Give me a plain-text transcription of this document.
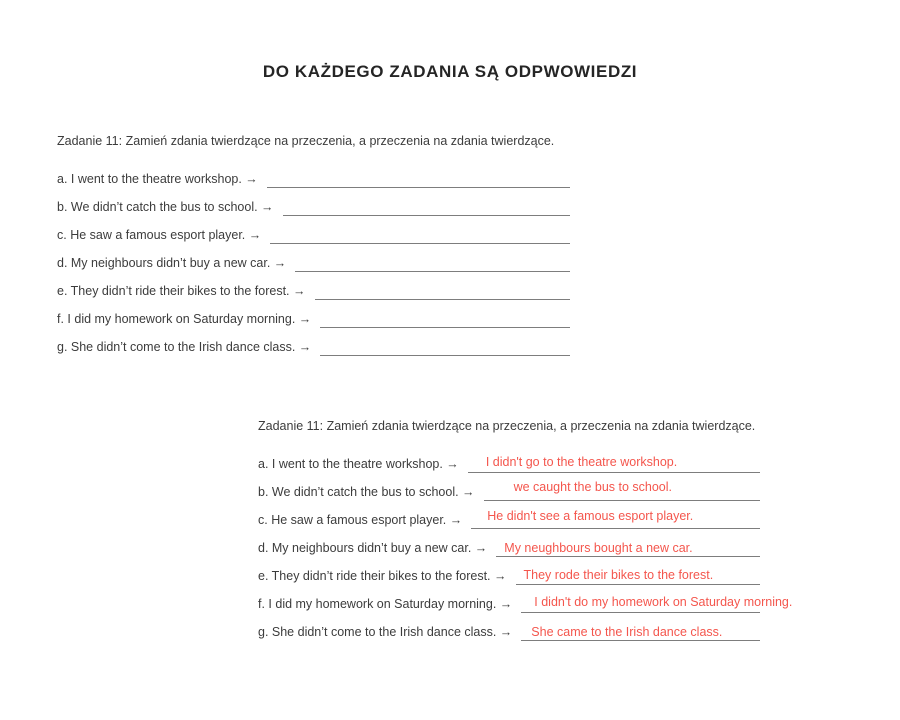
DO KAŻDEGO ZADANIA SĄ ODPWOWIEDZI

Zadanie 11: Zamień zdania twierdzące na przeczenia, a przeczenia na zdania twierdzące.

a. I went to the theatre workshop. →
b. We didn’t catch the bus to school. →
c. He saw a famous esport player. →
d. My neighbours didn’t buy a new car. →
e. They didn’t ride their bikes to the forest. →
f. I did my homework on Saturday morning. →
g. She didn’t come to the Irish dance class. →

Zadanie 11: Zamień zdania twierdzące na przeczenia, a przeczenia na zdania twierdzące.

a. I went to the theatre workshop. → I didn't go to the theatre workshop.
b. We didn’t catch the bus to school. →	we caught the bus to school.
c. He saw a famous esport player. → He didn't see a famous esport player.
d. My neighbours didn’t buy a new car. → My neughbours bought a new car.
e. They didn’t ride their bikes to the forest. → They rode their bikes to the forest.
f. I did my homework on Saturday morning. → I didn't do my homework on Saturday morning.
g. She didn’t come to the Irish dance class. → She came to the Irish dance class.
